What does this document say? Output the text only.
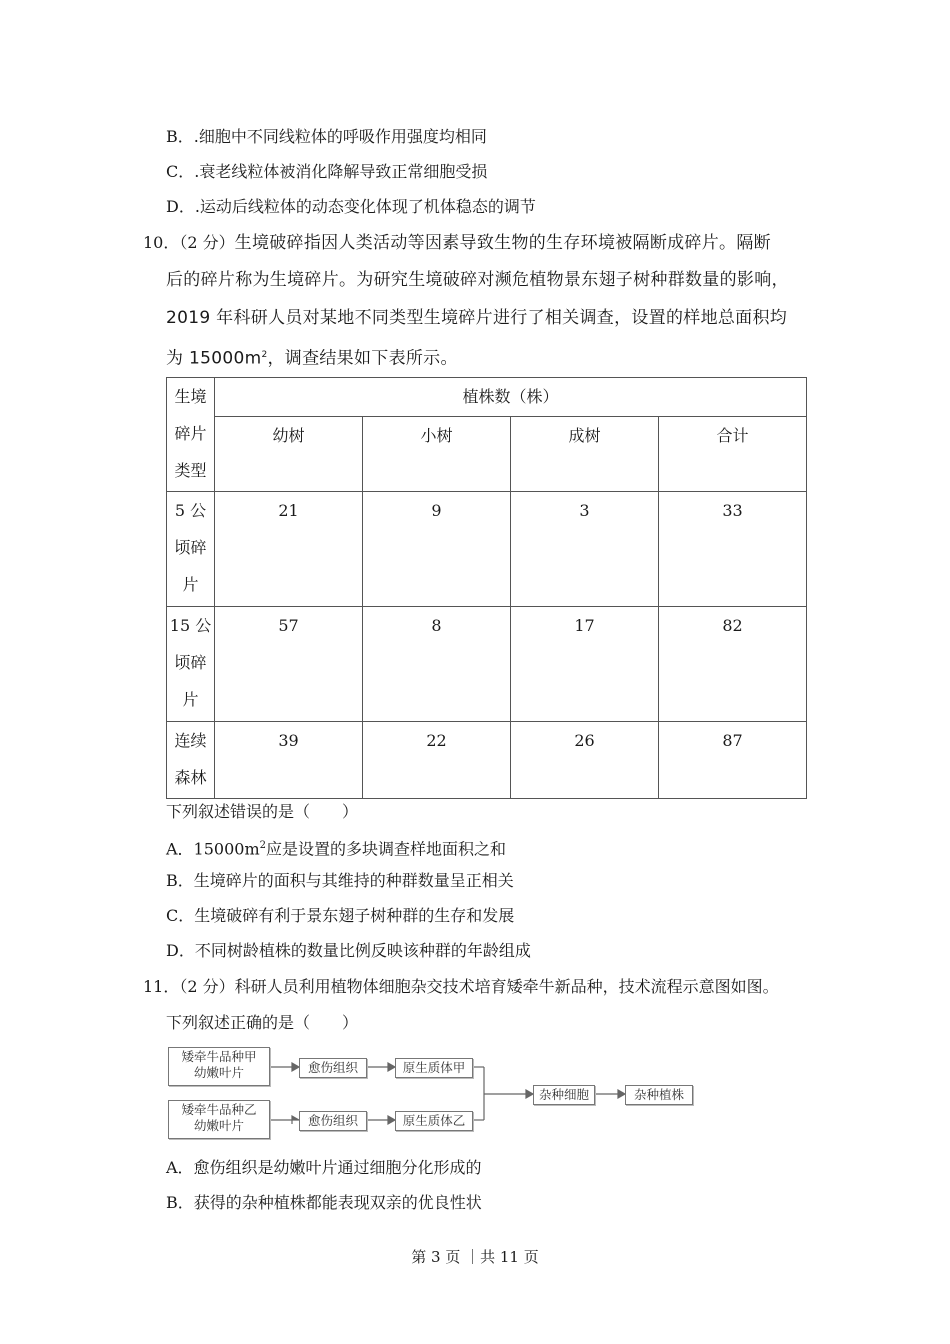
B．.细胞中不同线粒体的呼吸作用强度均相同
C．.衰老线粒体被消化降解导致正常细胞受损
D．.运动后线粒体的动态变化体现了机体稳态的调节
10．（2 分）生境破碎指因人类活动等因素导致生物的生存环境被隔断成碎片。隔断
后的碎片称为生境碎片。为研究生境破碎对濒危植物景东翅子树种群数量的影响，
2019 年科研人员对某地不同类型生境碎片进行了相关调查，设置的样地总面积均
为 $15000m^2$，调查结果如下表所示。
生境
碎片
类型	植株数（株）			
	幼树	小树	成树	合计

5 公
顷碎
片	21	9	3	33

15 公
顷碎
片	57	8	17	82

连续
森林	39	22	26	87
下列叙述错误的是（　　）
A．$15000m^2$应是设置的多块调查样地面积之和
B．生境碎片的面积与其维持的种群数量呈正相关
C．生境破碎有利于景东翅子树种群的生存和发展
D．不同树龄植株的数量比例反映该种群的年龄组成
11．（2 分）科研人员利用植物体细胞杂交技术培育矮牵牛新品种，技术流程示意图如图。
下列叙述正确的是（　　）
矮牵牛品种甲
幼嫩叶片
矮牵牛品种乙
幼嫩叶片
愈伤组织
愈伤组织
原生质体甲
原生质体乙
杂种细胞	杂种植株
A．愈伤组织是幼嫩叶片通过细胞分化形成的
B．获得的杂种植株都能表现双亲的优良性状
第 3 页 ｜共 11 页
